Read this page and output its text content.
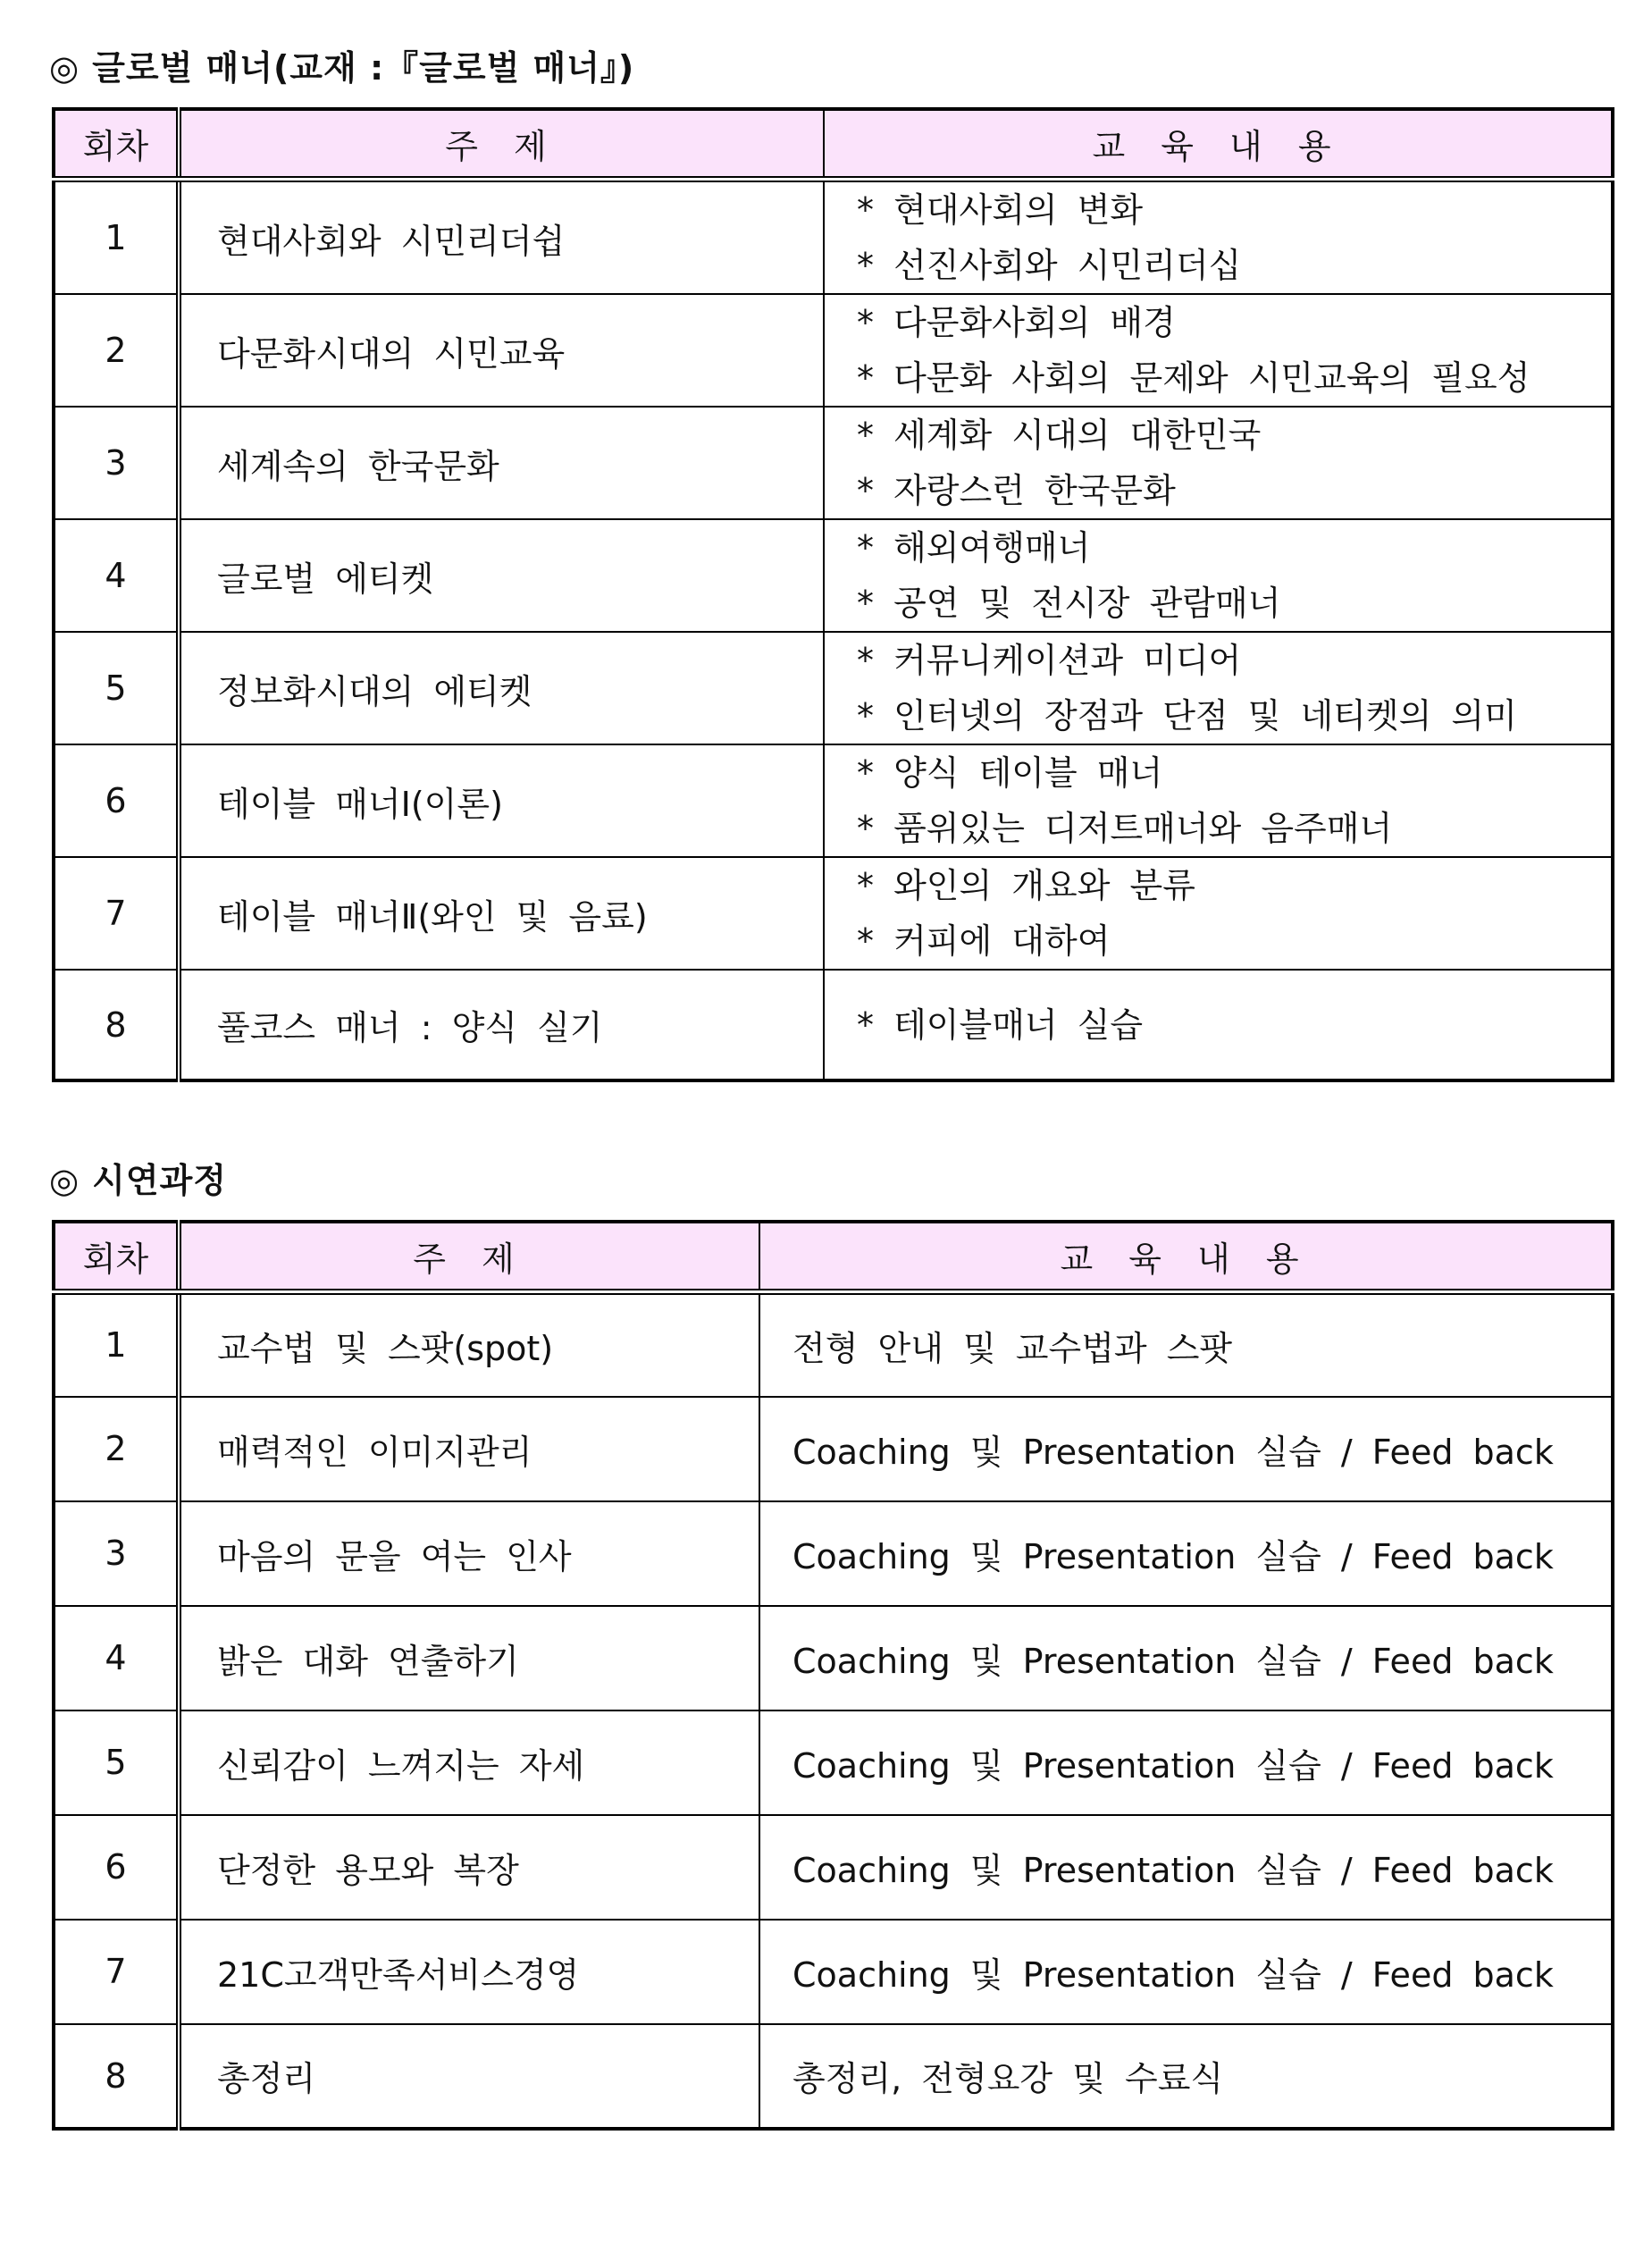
◎ 글로벌 매너(교재 :『글로벌 매너』)
회차	주 제	교 육 내 용
1	현대사회와 시민리더쉽	* 현대사회의 변화
* 선진사회와 시민리더십

2	다문화시대의 시민교육	* 다문화사회의 배경
* 다문화 사회의 문제와 시민교육의 필요성

3	세계속의 한국문화	* 세계화 시대의 대한민국
* 자랑스런 한국문화

4	글로벌 에티켓	* 해외여행매너
* 공연 및 전시장 관람매너

5	정보화시대의 에티켓	* 커뮤니케이션과 미디어
* 인터넷의 장점과 단점 및 네티켓의 의미

6	테이블 매너Ⅰ(이론)	* 양식 테이블 매너
* 품위있는 디저트매너와 음주매너

7	테이블 매너Ⅱ(와인 및 음료)	* 와인의 개요와 분류
* 커피에 대하여

8	풀코스 매너 : 양식 실기	* 테이블매너 실습
◎ 시연과정
회차	주 제	교 육 내 용
1	교수법 및 스팟(spot)	전형 안내 및 교수법과 스팟
2	매력적인 이미지관리	Coaching 및 Presentation 실습 / Feed back
3	마음의 문을 여는 인사	Coaching 및 Presentation 실습 / Feed back
4	밝은 대화 연출하기	Coaching 및 Presentation 실습 / Feed back
5	신뢰감이 느껴지는 자세	Coaching 및 Presentation 실습 / Feed back
6	단정한 용모와 복장	Coaching 및 Presentation 실습 / Feed back
7	21C고객만족서비스경영	Coaching 및 Presentation 실습 / Feed back
8	총정리	총정리, 전형요강 및 수료식
